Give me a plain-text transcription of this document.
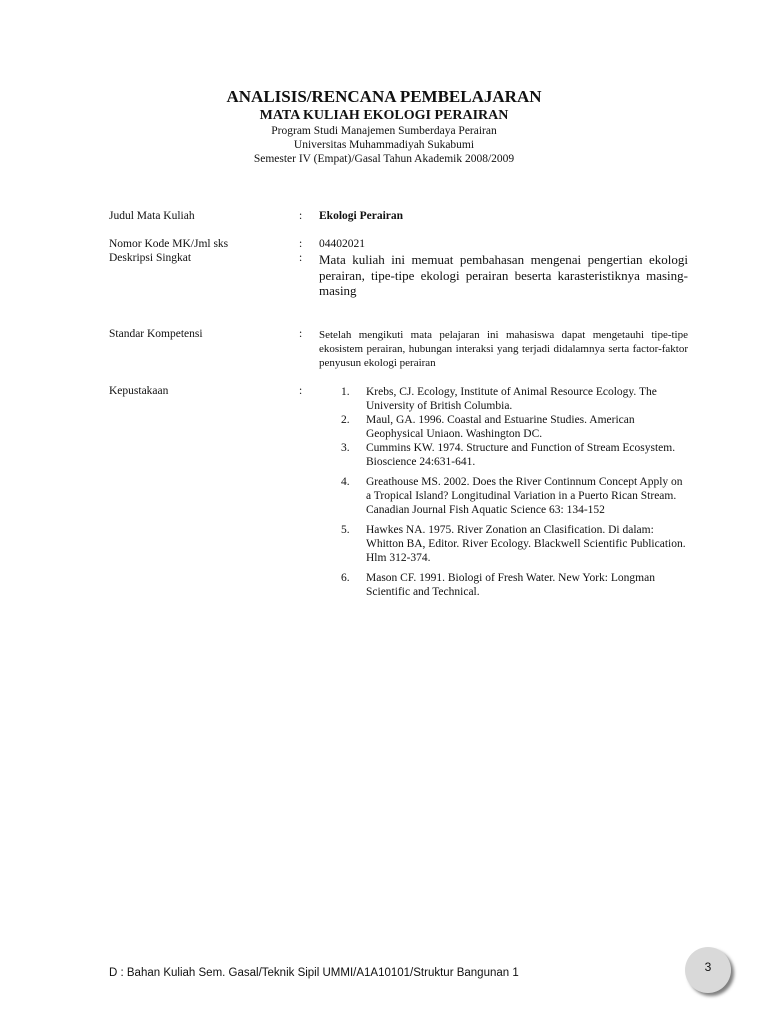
ANALISIS/RENCANA PEMBELAJARAN
MATA KULIAH EKOLOGI PERAIRAN
Program Studi Manajemen Sumberdaya Perairan
Universitas Muhammadiyah Sukabumi
Semester IV (Empat)/Gasal Tahun Akademik 2008/2009
Judul Mata Kuliah	: Ekologi Perairan
Nomor Kode MK/Jml sks	: 04402021
Deskripsi Singkat	: Mata kuliah ini memuat pembahasan mengenai pengertian ekologi perairan, tipe-tipe ekologi perairan beserta karasteristiknya masing-masing
Standar Kompetensi	: Setelah mengikuti mata pelajaran ini mahasiswa dapat mengetauhi tipe-tipe ekosistem perairan, hubungan interaksi yang terjadi didalamnya serta factor-faktor penyusun ekologi perairan
Kepustakaan	:	1. Krebs, CJ. Ecology, Institute of Animal Resource Ecology. The University of British Columbia.
2. Maul, GA. 1996. Coastal and Estuarine Studies. American Geophysical Uniaon. Washington DC.
3. Cummins KW. 1974. Structure and Function of Stream Ecosystem. Bioscience 24:631-641.
4. Greathouse MS. 2002. Does the River Continnum Concept Apply on a Tropical Island? Longitudinal Variation in a Puerto Rican Stream. Canadian Journal Fish Aquatic Science 63: 134-152
5. Hawkes NA. 1975. River Zonation an Clasification. Di dalam: Whitton BA, Editor. River Ecology. Blackwell Scientific Publication. Hlm 312-374.
6. Mason CF. 1991. Biologi of Fresh Water. New York: Longman Scientific and Technical.
D : Bahan Kuliah Sem. Gasal/Teknik Sipil UMMI/A1A10101/Struktur Bangunan 1	3
